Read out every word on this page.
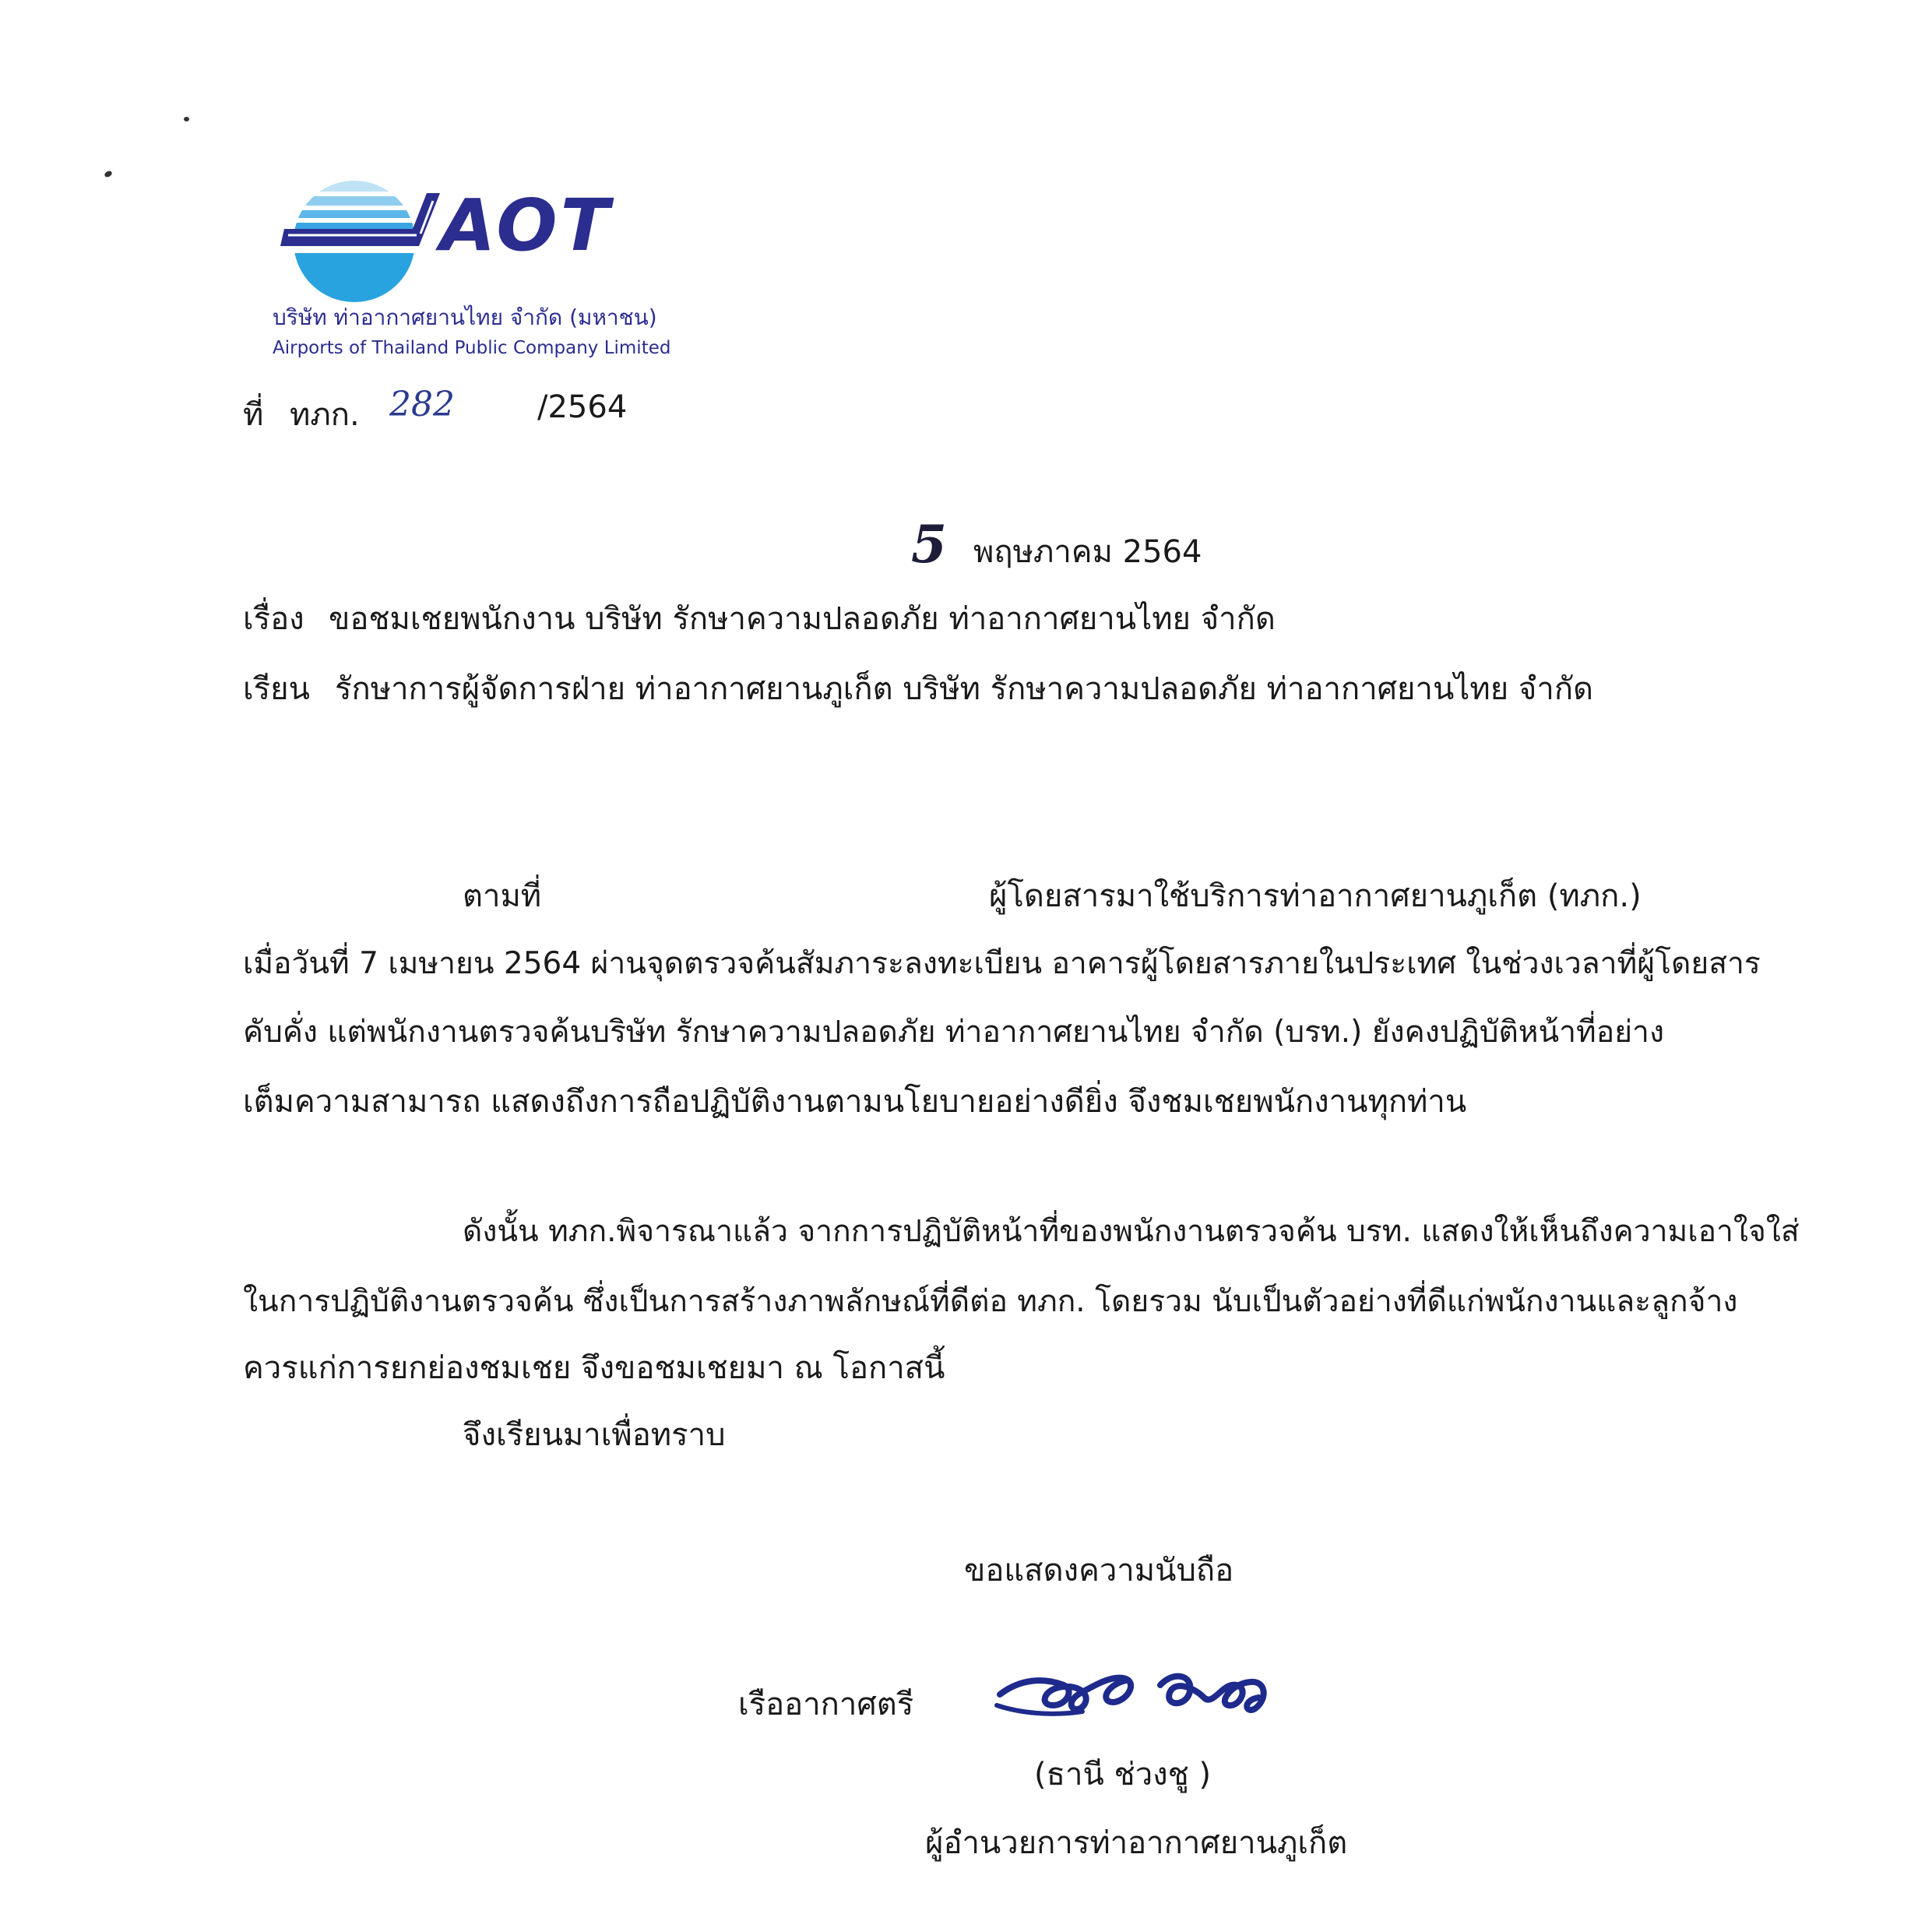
AOT
บริษัท ท่าอากาศยานไทย จำกัด (มหาชน)
Airports of Thailand Public Company Limited
ที่ ทภก. 282	/2564
5 พฤษภาคม 2564
เรื่อง ขอชมเชยพนักงาน บริษัท รักษาความปลอดภัย ท่าอากาศยานไทย จำกัด
เรียน รักษาการผู้จัดการฝ่าย ท่าอากาศยานภูเก็ต บริษัท รักษาความปลอดภัย ท่าอากาศยานไทย จำกัด
ตามที่	ผู้โดยสารมาใช้บริการท่าอากาศยานภูเก็ต (ทภก.)
เมื่อวันที่ 7 เมษายน 2564 ผ่านจุดตรวจค้นสัมภาระลงทะเบียน อาคารผู้โดยสารภายในประเทศ ในช่วงเวลาที่ผู้โดยสาร
คับคั่ง แต่พนักงานตรวจค้นบริษัท รักษาความปลอดภัย ท่าอากาศยานไทย จำกัด (บรท.) ยังคงปฏิบัติหน้าที่อย่าง
เต็มความสามารถ แสดงถึงการถือปฏิบัติงานตามนโยบายอย่างดียิ่ง จึงชมเชยพนักงานทุกท่าน
ดังนั้น ทภก.พิจารณาแล้ว จากการปฏิบัติหน้าที่ของพนักงานตรวจค้น บรท. แสดงให้เห็นถึงความเอาใจใส่
ในการปฏิบัติงานตรวจค้น ซึ่งเป็นการสร้างภาพลักษณ์ที่ดีต่อ ทภก. โดยรวม นับเป็นตัวอย่างที่ดีแก่พนักงานและลูกจ้าง
ควรแก่การยกย่องชมเชย จึงขอชมเชยมา ณ โอกาสนี้
จึงเรียนมาเพื่อทราบ
ขอแสดงความนับถือ
เรืออากาศตรี
(ธานี ช่วงชู )
ผู้อำนวยการท่าอากาศยานภูเก็ต
